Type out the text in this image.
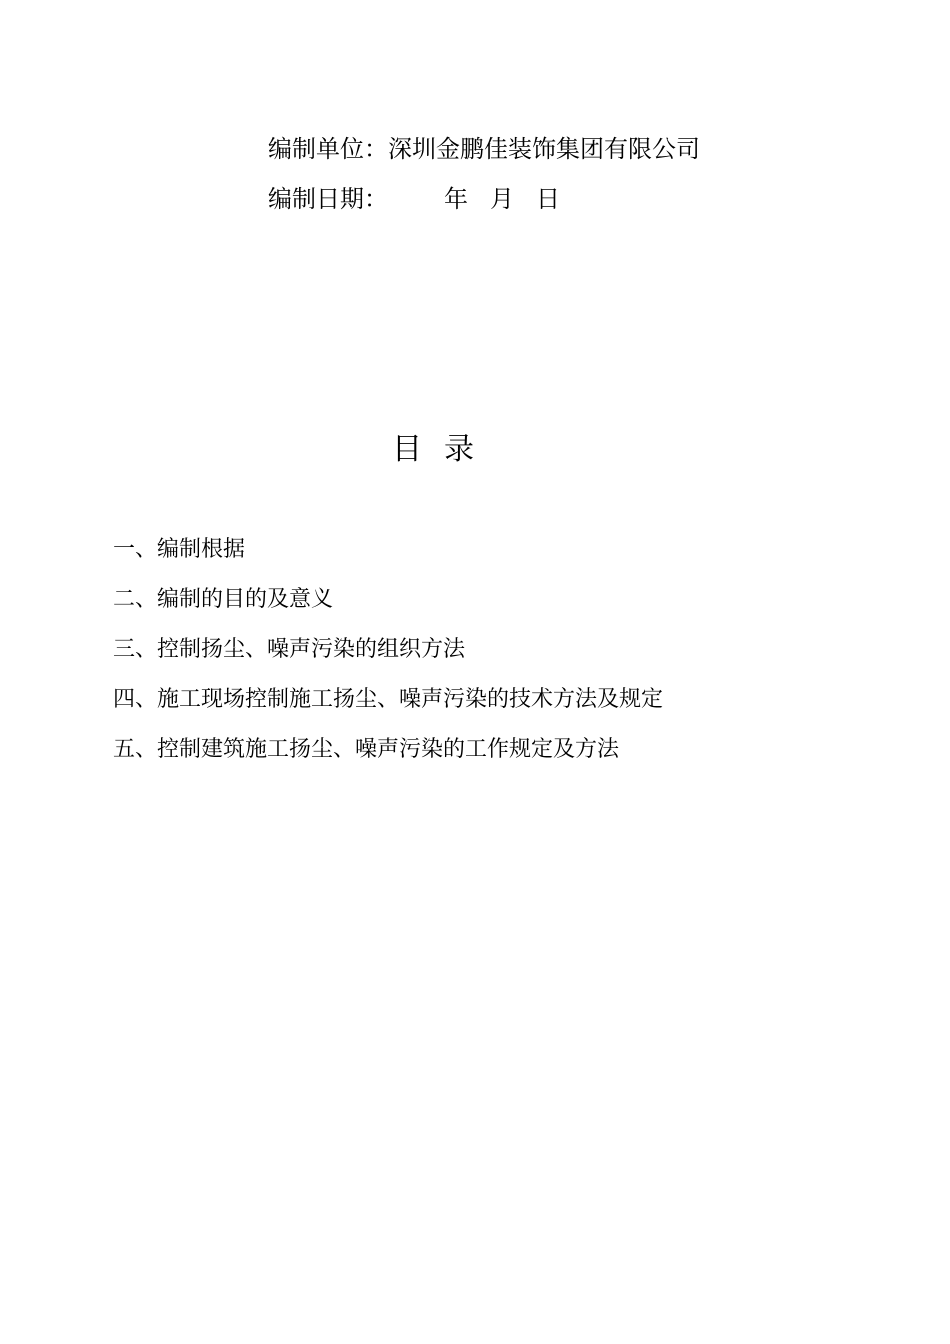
编制单位：深圳金鹏佳装饰集团有限公司
编制日期： 年 月 日
目录
一、编制根据
二、编制的目的及意义
三、控制扬尘、噪声污染的组织方法
四、施工现场控制施工扬尘、噪声污染的技术方法及规定
五、控制建筑施工扬尘、噪声污染的工作规定及方法
